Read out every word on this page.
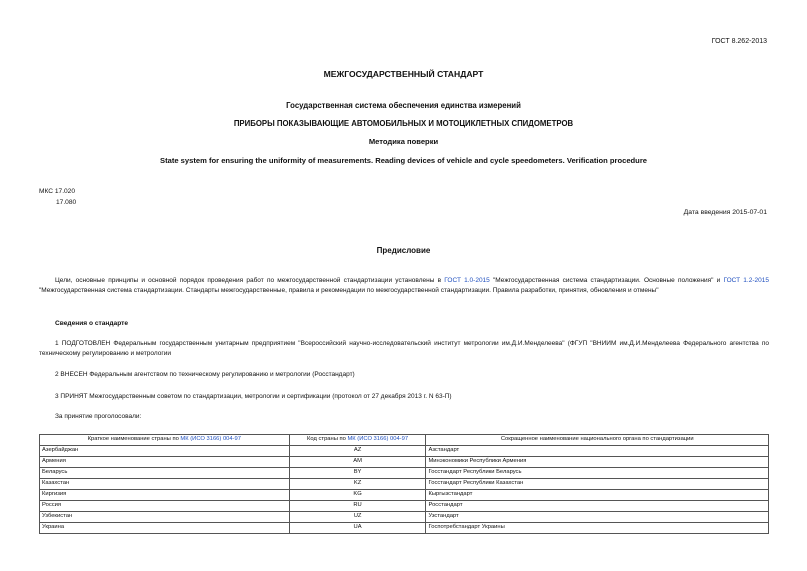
ГОСТ 8.262-2013
МЕЖГОСУДАРСТВЕННЫЙ СТАНДАРТ
Государственная система обеспечения единства измерений
ПРИБОРЫ ПОКАЗЫВАЮЩИЕ АВТОМОБИЛЬНЫХ И МОТОЦИКЛЕТНЫХ СПИДОМЕТРОВ
Методика поверки
State system for ensuring the uniformity of measurements. Reading devices of vehicle and cycle speedometers. Verification procedure
МКС 17.020
17.080
Дата введения 2015-07-01
Предисловие
Цели, основные принципы и основной порядок проведения работ по межгосударственной стандартизации установлены в ГОСТ 1.0-2015 "Межгосударственная система стандартизации. Основные положения" и ГОСТ 1.2-2015 "Межгосударственная система стандартизации. Стандарты межгосударственные, правила и рекомендации по межгосударственной стандартизации. Правила разработки, принятия, обновления и отмены"
Сведения о стандарте
1 ПОДГОТОВЛЕН Федеральным государственным унитарным предприятием "Всероссийский научно-исследовательский институт метрологии им.Д.И.Менделеева" (ФГУП "ВНИИМ им.Д.И.Менделеева Федерального агентства по техническому регулированию и метрологии
2 ВНЕСЕН Федеральным агентством по техническому регулированию и метрологии (Росстандарт)
3 ПРИНЯТ Межгосударственным советом по стандартизации, метрологии и сертификации (протокол от 27 декабря 2013 г. N 63-П)
За принятие проголосовали:
Краткое наименование страны по МК (ИСО 3166) 004-97	Код страны по МК (ИСО 3166) 004-97	Сокращенное наименование национального органа по стандартизации
Азербайджан	AZ	Азстандарт
Армения	AM	Минэкономики Республики Армения
Беларусь	BY	Госстандарт Республики Беларусь
Казахстан	KZ	Госстандарт Республики Казахстан
Киргизия	KG	Кыргызстандарт
Россия	RU	Росстандарт
Узбекистан	UZ	Узстандарт
Украина	UA	Госпотребстандарт Украины
